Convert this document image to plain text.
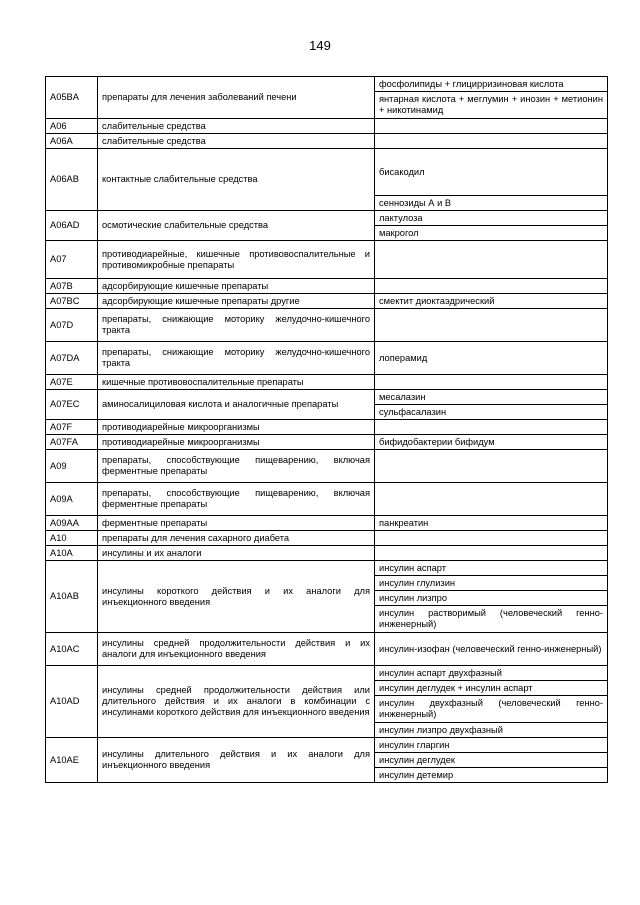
149
A05BA	препараты для лечения заболеваний печени	фосфолипиды + глицирризиновая кислота
		янтарная кислота + меглумин + инозин + метионин + никотинамид
A06	слабительные средства	
A06A	слабительные средства	
A06AB	контактные слабительные средства	бисакодил
		сеннозиды А и В
A06AD	осмотические слабительные средства	лактулоза
		макрогол
A07	противодиарейные, кишечные противовоспалительные и противомикробные препараты	
A07B	адсорбирующие кишечные препараты	
A07BC	адсорбирующие кишечные препараты другие	смектит диоктаэдрический
A07D	препараты, снижающие моторику желудочно-кишечного тракта	
A07DA	препараты, снижающие моторику желудочно-кишечного тракта	лоперамид
A07E	кишечные противовоспалительные препараты	
A07EC	аминосалициловая кислота и аналогичные препараты	месалазин
		сульфасалазин
A07F	противодиарейные микроорганизмы	
A07FA	противодиарейные микроорганизмы	бифидобактерии бифидум
A09	препараты, способствующие пищеварению, включая ферментные препараты	
A09A	препараты, способствующие пищеварению, включая ферментные препараты	
A09AA	ферментные препараты	панкреатин
A10	препараты для лечения сахарного диабета	
A10A	инсулины и их аналоги	
A10AB	инсулины короткого действия и их аналоги для инъекционного введения	инсулин аспарт
		инсулин глулизин
		инсулин лизпро
		инсулин растворимый (человеческий генно-инженерный)
A10AC	инсулины средней продолжительности действия и их аналоги для инъекционного введения	инсулин-изофан (человеческий генно-инженерный)
A10AD	инсулины средней продолжительности действия или длительного действия и их аналоги в комбинации с инсулинами короткого действия для инъекционного введения	инсулин аспарт двухфазный
		инсулин деглудек + инсулин аспарт
		инсулин двухфазный (человеческий генно-инженерный)
		инсулин лизпро двухфазный
A10AE	инсулины длительного действия и их аналоги для инъекционного введения	инсулин гларгин
		инсулин деглудек
		инсулин детемир
